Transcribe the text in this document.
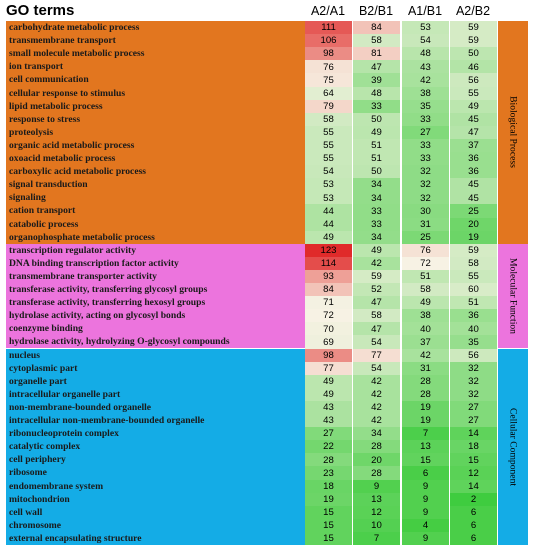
GO terms	A2/A1	B2/B1	A1/B1	A2/B2
Biological Process
carbohydrate metabolic process	111	84	53	59
transmembrane transport	106	58	54	59
small molecule metabolic process	98	81	48	50
ion transport	76	47	43	46
cell communication	75	39	42	56
cellular response to stimulus	64	48	38	55
lipid metabolic process	79	33	35	49
response to stress	58	50	33	45
proteolysis	55	49	27	47
organic acid metabolic process	55	51	33	37
oxoacid metabolic process	55	51	33	36
carboxylic acid metabolic process	54	50	32	36
signal transduction	53	34	32	45
signaling	53	34	32	45
cation transport	44	33	30	25
catabolic process	44	33	31	20
organophosphate metabolic process	49	34	25	19
Molecular Function
transcription regulator activity	123	49	76	59
DNA binding transcription factor activity	114	42	72	58
transmembrane transporter activity	93	59	51	55
transferase activity, transferring glycosyl groups	84	52	58	60
transferase activity, transferring hexosyl groups	71	47	49	51
hydrolase activity, acting on glycosyl bonds	72	58	38	36
coenzyme binding	70	47	40	40
hydrolase activity, hydrolyzing O-glycosyl compounds	69	54	37	35
Cellular Component
nucleus	98	77	42	56
cytoplasmic part	77	54	31	32
organelle part	49	42	28	32
intracellular organelle part	49	42	28	32
non-membrane-bounded organelle	43	42	19	27
intracellular non-membrane-bounded organelle	43	42	19	27
ribonucleoprotein complex	27	34	7	14
catalytic complex	22	28	13	18
cell periphery	28	20	15	15
ribosome	23	28	6	12
endomembrane system	18	9	9	14
mitochondrion	19	13	9	2
cell wall	15	12	9	6
chromosome	15	10	4	6
external encapsulating structure	15	7	9	6
